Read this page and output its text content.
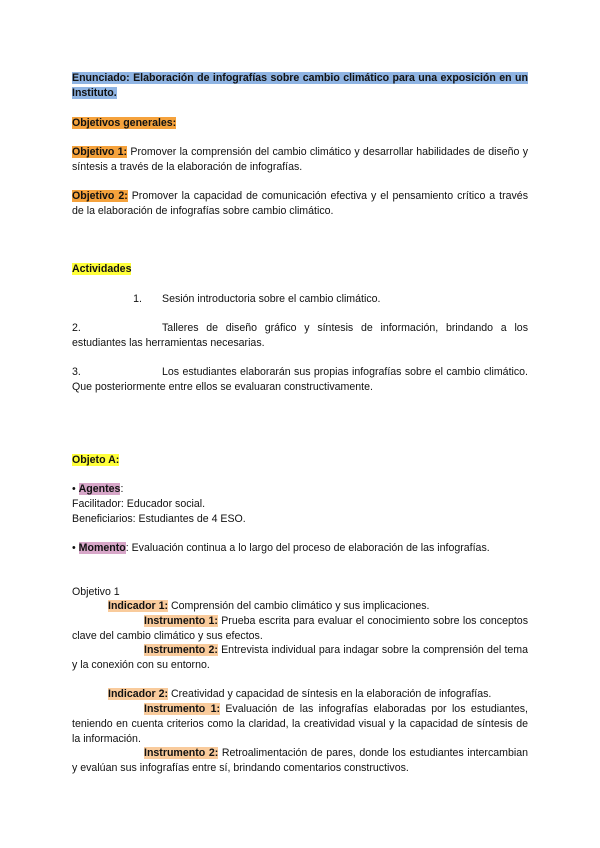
Enunciado: Elaboración de infografías sobre cambio climático para una exposición en un Instituto.

Objetivos generales:

Objetivo 1: Promover la comprensión del cambio climático y desarrollar habilidades de diseño y síntesis a través de la elaboración de infografías.

Objetivo 2: Promover la capacidad de comunicación efectiva y el pensamiento crítico a través de la elaboración de infografías sobre cambio climático.

Actividades

1. Sesión introductoria sobre el cambio climático.

2.	Talleres de diseño gráfico y síntesis de información, brindando a los estudiantes las herramientas necesarias.

3.	Los estudiantes elaborarán sus propias infografías sobre el cambio climático. Que posteriormente entre ellos se evaluaran constructivamente.

Objeto A:

• Agentes:
Facilitador: Educador social.
Beneficiarios: Estudiantes de 4 ESO.

• Momento: Evaluación continua a lo largo del proceso de elaboración de las infografías.

Objetivo 1

Indicador 1: Comprensión del cambio climático y sus implicaciones.

Instrumento 1: Prueba escrita para evaluar el conocimiento sobre los conceptos clave del cambio climático y sus efectos.

Instrumento 2: Entrevista individual para indagar sobre la comprensión del tema y la conexión con su entorno.

Indicador 2: Creatividad y capacidad de síntesis en la elaboración de infografías.

Instrumento 1: Evaluación de las infografías elaboradas por los estudiantes, teniendo en cuenta criterios como la claridad, la creatividad visual y la capacidad de síntesis de la información.

Instrumento 2: Retroalimentación de pares, donde los estudiantes intercambian y evalúan sus infografías entre sí, brindando comentarios constructivos.
